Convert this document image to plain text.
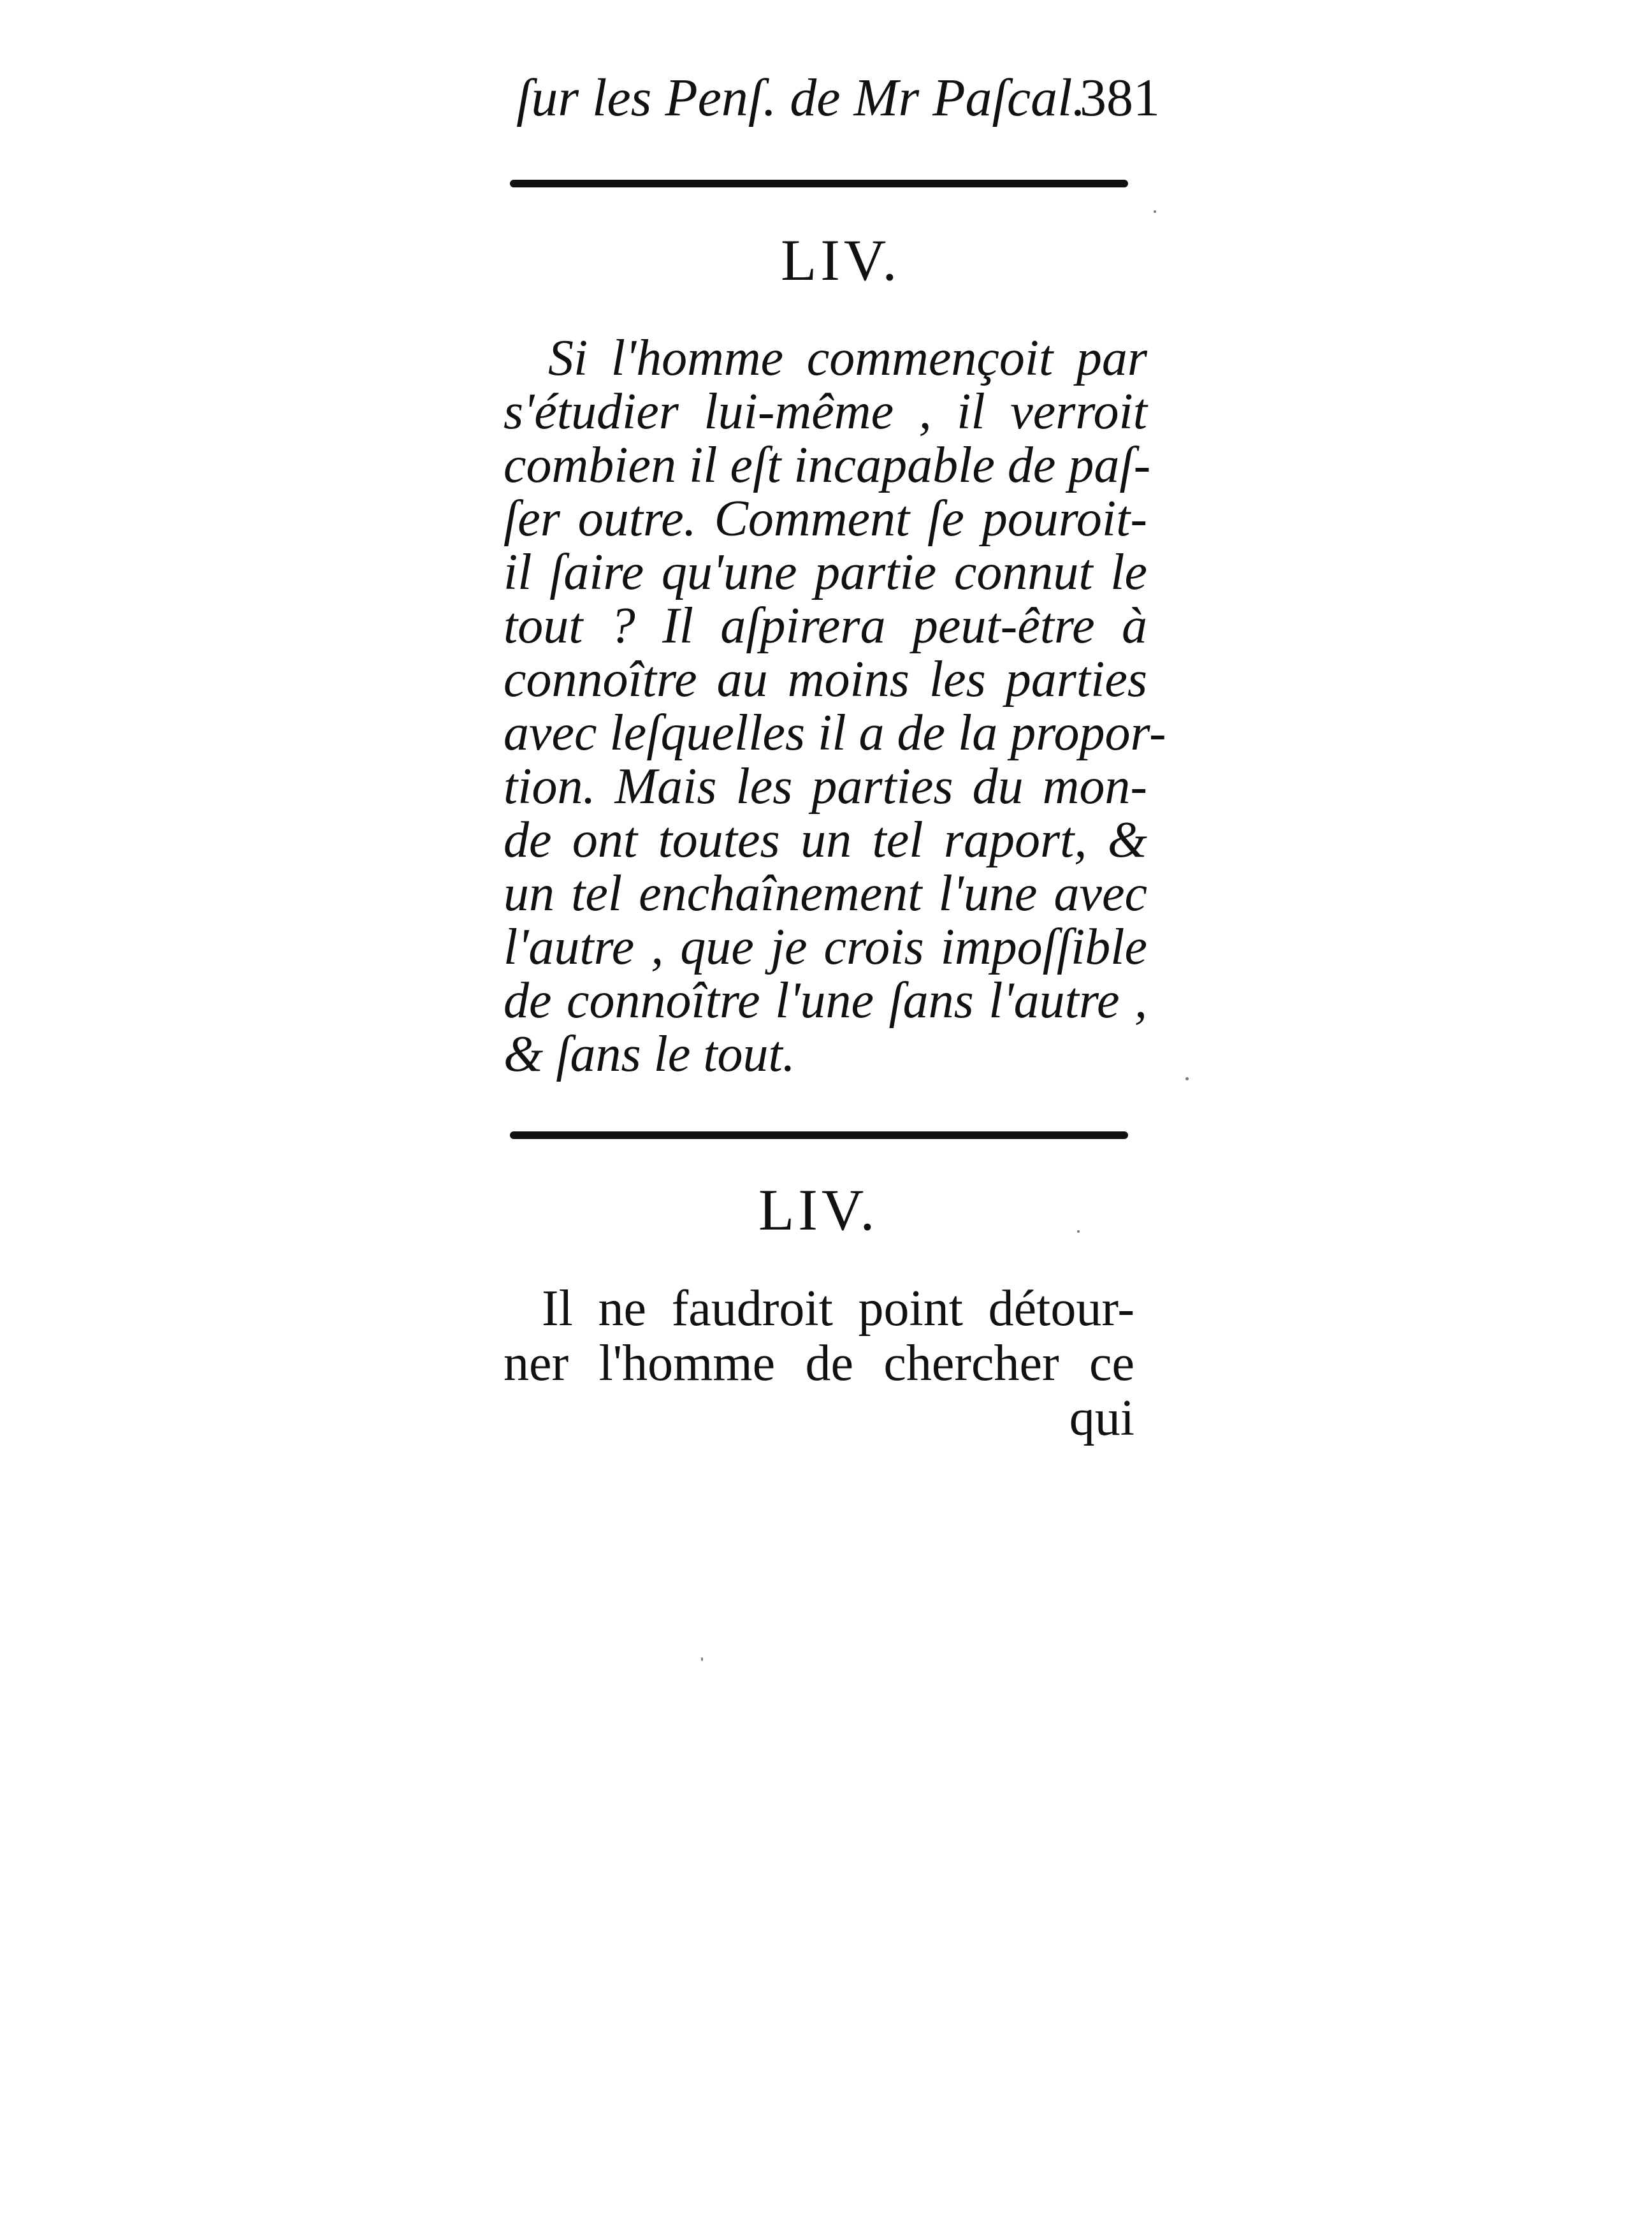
ſur les Penſ. de Mr Paſcal.
381
LIV.
Si l'homme commençoit par
s'étudier lui-même , il verroit
combien il eſt incapable de paſ-
ſer outre. Comment ſe pouroit-
il ſaire qu'une partie connut le
tout ? Il aſpirera peut-être à
connoître au moins les parties
avec leſquelles il a de la propor-
tion. Mais les parties du mon-
de ont toutes un tel raport, &
un tel enchaînement l'une avec
l'autre , que je crois impoſſible
de connoître l'une ſans l'autre ,
& ſans le tout.
LIV.
Il ne faudroit point détour-
ner l'homme de chercher ce
qui
